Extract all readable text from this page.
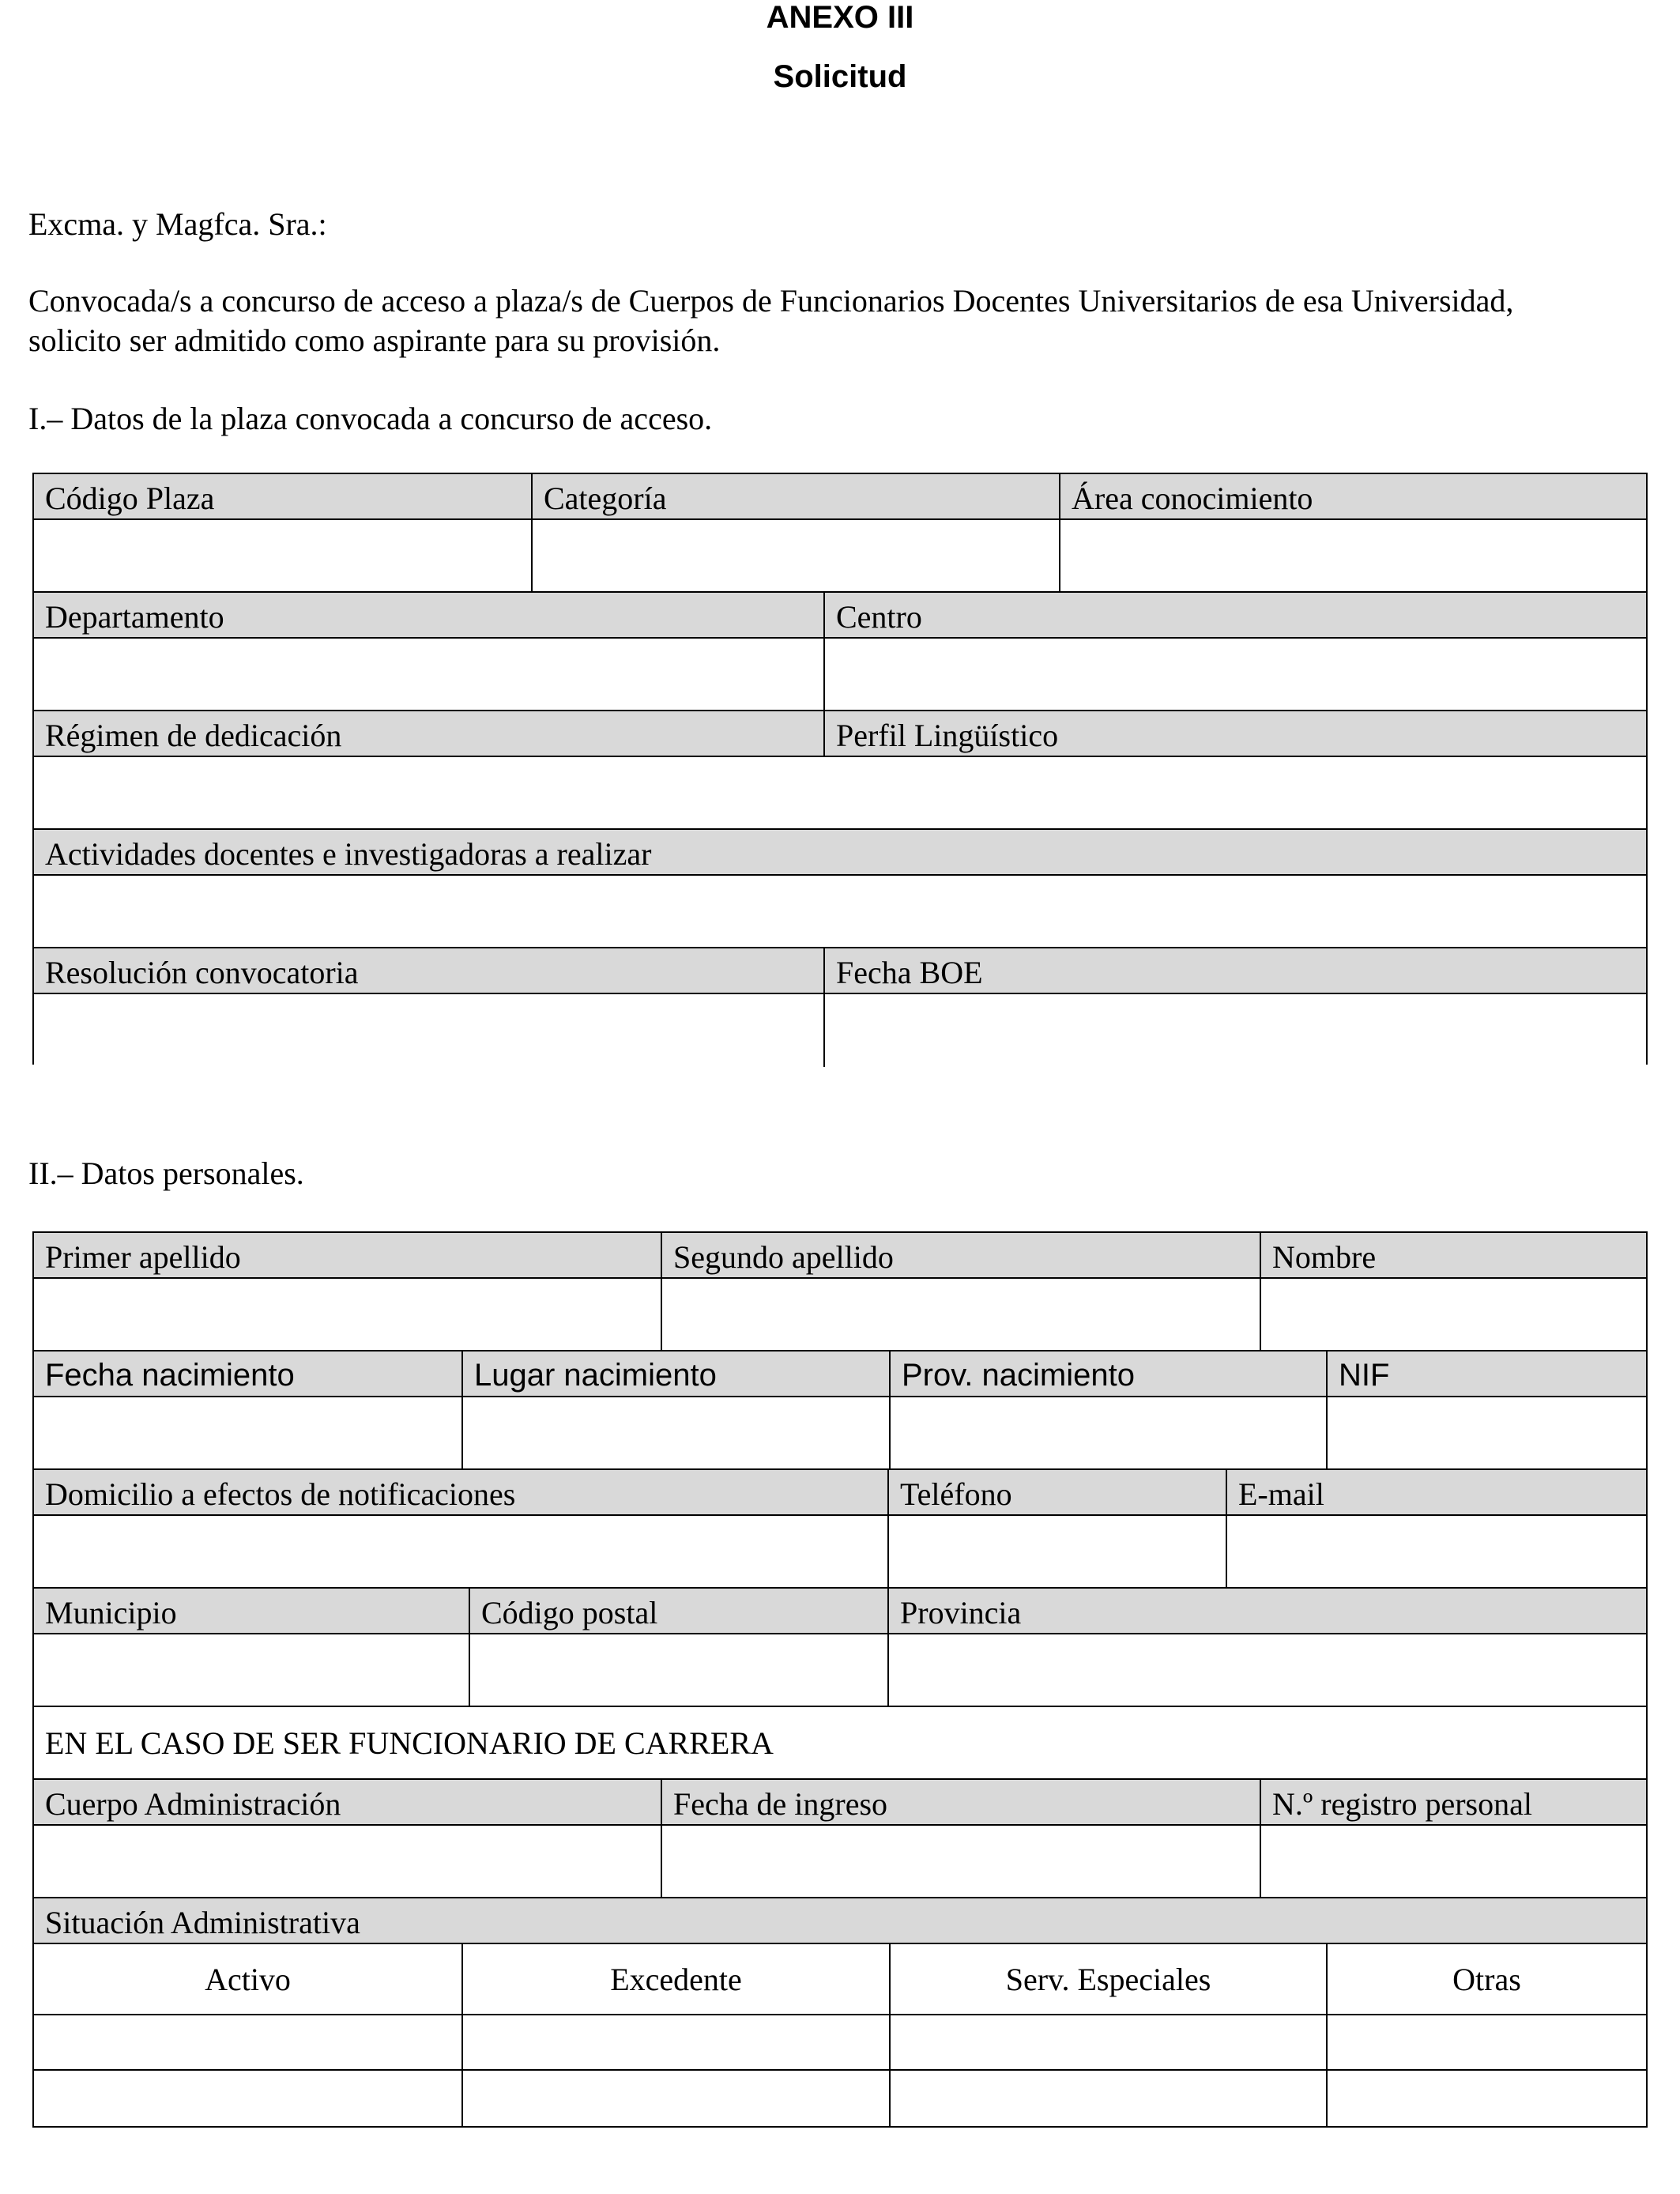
ANEXO III
Solicitud
Excma. y Magfca. Sra.:
Convocada/s a concurso de acceso a plaza/s de Cuerpos de Funcionarios Docentes Universitarios de esa Universidad,
solicito ser admitido como aspirante para su provisión.
I.– Datos de la plaza convocada a concurso de acceso.
Código Plaza	Categoría	Área conocimiento
Departamento	Centro
Régimen de dedicación	Perfil Lingüístico
Actividades docentes e investigadoras a realizar
Resolución convocatoria	Fecha BOE
II.– Datos personales.
Primer apellido	Segundo apellido	Nombre
Fecha nacimiento	Lugar nacimiento	Prov. nacimiento	NIF
Domicilio a efectos de notificaciones	Teléfono	E-mail
Municipio	Código postal	Provincia
EN EL CASO DE SER FUNCIONARIO DE CARRERA
Cuerpo Administración	Fecha de ingreso	N.º registro personal
Situación Administrativa
Activo	Excedente	Serv. Especiales	Otras
